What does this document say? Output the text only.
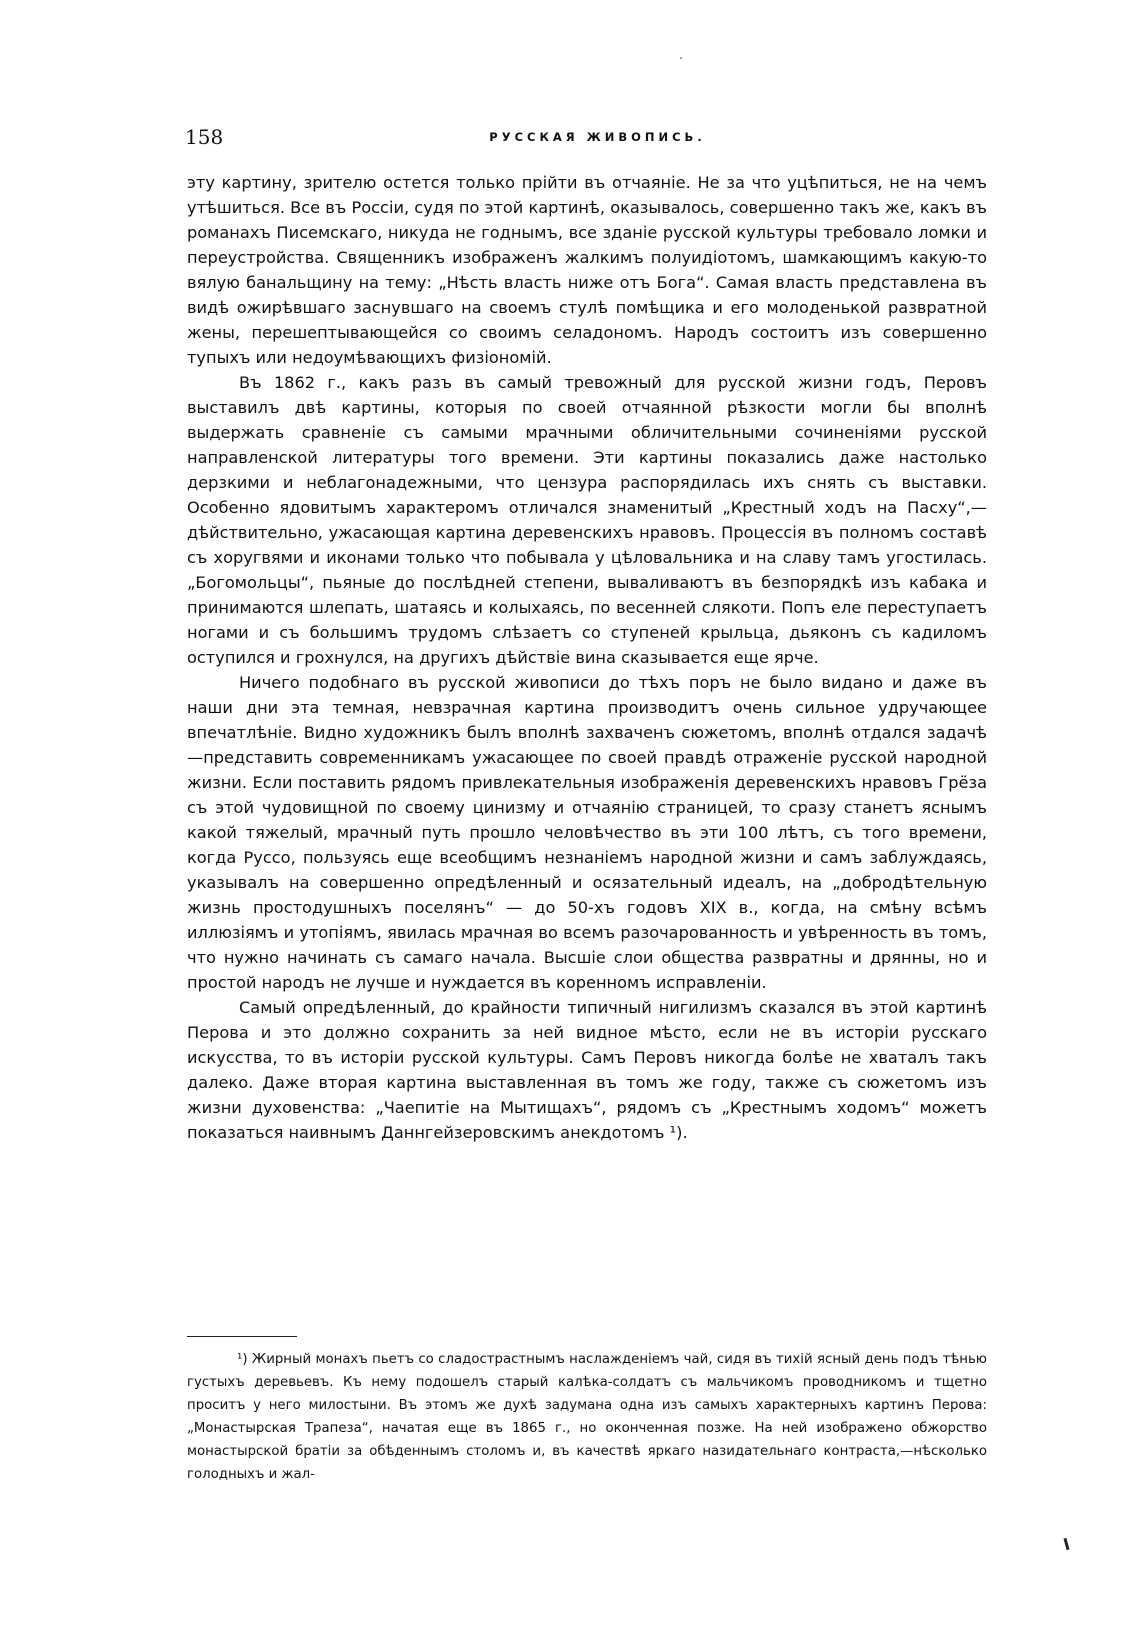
158	РУССКАЯ ЖИВОПИСЬ.

эту картину, зрителю остется только прійти въ отчаяніе. Не за что уцѣпиться, не на чемъ утѣшиться. Все въ Россіи, судя по этой картинѣ, оказывалось, совершенно такъ же, какъ въ романахъ Писемскаго, никуда не годнымъ, все зданіе русской культуры требовало ломки и переустройства. Священникъ изображенъ жалкимъ полуидіотомъ, шамкающимъ какую-то вялую банальщину на тему: „Нѣсть власть ниже отъ Бога“. Самая власть представлена въ видѣ ожирѣвшаго заснувшаго на своемъ стулѣ помѣщика и его молоденькой развратной жены, перешептывающейся со своимъ селадономъ. Народъ состоитъ изъ совершенно тупыхъ или недоумѣвающихъ физіономій.

Въ 1862 г., какъ разъ въ самый тревожный для русской жизни годъ, Перовъ выставилъ двѣ картины, которыя по своей отчаянной рѣзкости могли бы вполнѣ выдержать сравненіе съ самыми мрачными обличительными сочиненіями русской направленской литературы того времени. Эти картины показались даже настолько дерзкими и неблагонадежными, что цензура распорядилась ихъ снять съ выставки. Особенно ядовитымъ характеромъ отличался знаменитый „Крестный ходъ на Пасху“,—дѣйствительно, ужасающая картина деревенскихъ нравовъ. Процессія въ полномъ составѣ съ хоругвями и иконами только что побывала у цѣловальника и на славу тамъ угостилась. „Богомольцы“, пьяные до послѣдней степени, вываливаютъ въ безпорядкѣ изъ кабака и принимаются шлепать, шатаясь и колыхаясь, по весенней слякоти. Попъ еле переступаетъ ногами и съ большимъ трудомъ слѣзаетъ со ступеней крыльца, дьяконъ съ кадиломъ оступился и грохнулся, на другихъ дѣйствіе вина сказывается еще ярче.

Ничего подобнаго въ русской живописи до тѣхъ поръ не было видано и даже въ наши дни эта темная, невзрачная картина производитъ очень сильное удручающее впечатлѣніе. Видно художникъ былъ вполнѣ захваченъ сюжетомъ, вполнѣ отдался задачѣ—представить современникамъ ужасающее по своей правдѣ отраженіе русской народной жизни. Если поставить рядомъ привлекательныя изображенія деревенскихъ нравовъ Грёза съ этой чудовищной по своему цинизму и отчаянію страницей, то сразу станетъ яснымъ какой тяжелый, мрачный путь прошло человѣчество въ эти 100 лѣтъ, съ того времени, когда Руссо, пользуясь еще всеобщимъ незнаніемъ народной жизни и самъ заблуждаясь, указывалъ на совершенно опредѣленный и осязательный идеалъ, на „добродѣтельную жизнь простодушныхъ поселянъ“ — до 50-хъ годовъ XIX в., когда, на смѣну всѣмъ иллюзіямъ и утопіямъ, явилась мрачная во всемъ разочарованность и увѣренность въ томъ, что нужно начинать съ самаго начала. Высшіе слои общества развратны и дрянны, но и простой народъ не лучше и нуждается въ коренномъ исправленіи.

Самый опредѣленный, до крайности типичный нигилизмъ сказался въ этой картинѣ Перова и это должно сохранить за ней видное мѣсто, если не въ исторіи русскаго искусства, то въ исторіи русской культуры. Самъ Перовъ никогда болѣе не хваталъ такъ далеко. Даже вторая картина выставленная въ томъ же году, также съ сюжетомъ изъ жизни духовенства: „Чаепитіе на Мытищахъ“, рядомъ съ „Крестнымъ ходомъ“ можетъ показаться наивнымъ Даннгейзеровскимъ анекдотомъ ¹).

¹) Жирный монахъ пьетъ со сладострастнымъ наслажденіемъ чай, сидя въ тихій ясный день подъ тѣнью густыхъ деревьевъ. Къ нему подошелъ старый калѣка-солдатъ съ мальчикомъ проводникомъ и тщетно проситъ у него милостыни. Въ этомъ же духѣ задумана одна изъ самыхъ характерныхъ картинъ Перова: „Монастырская Трапеза“, начатая еще въ 1865 г., но оконченная позже. На ней изображено обжорство монастырской братіи за обѣденнымъ столомъ и, въ качествѣ яркаго назидательнаго контраста,—нѣсколько голодныхъ и жал-
